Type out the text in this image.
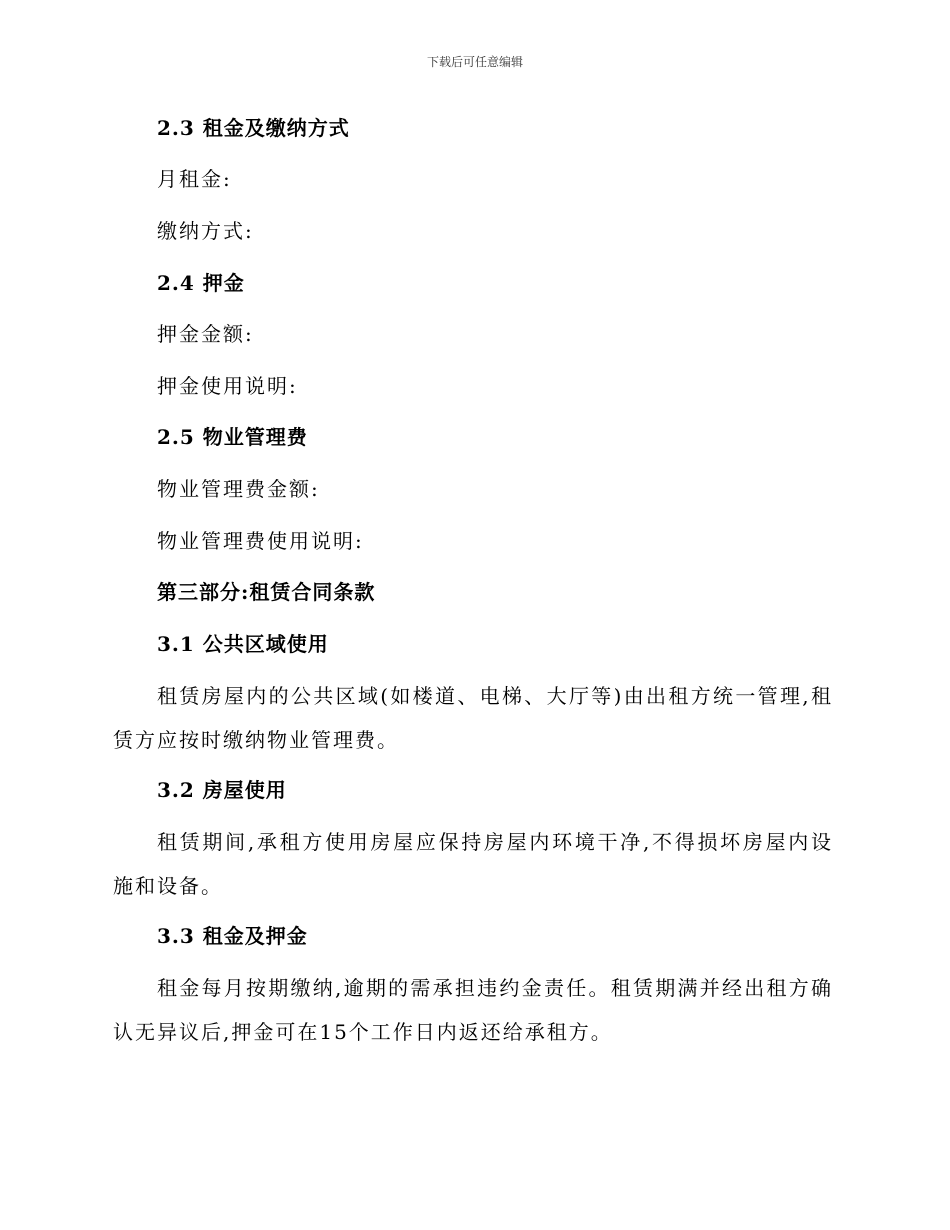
下载后可任意编辑
2.3 租金及缴纳方式
月租金:
缴纳方式:
2.4 押金
押金金额:
押金使用说明:
2.5 物业管理费
物业管理费金额:
物业管理费使用说明:
第三部分:租赁合同条款
3.1 公共区域使用
租赁房屋内的公共区域(如楼道、电梯、大厅等)由出租方统一管理,租赁方应按时缴纳物业管理费。
3.2 房屋使用
租赁期间,承租方使用房屋应保持房屋内环境干净,不得损坏房屋内设施和设备。
3.3 租金及押金
租金每月按期缴纳,逾期的需承担违约金责任。租赁期满并经出租方确认无异议后,押金可在15个工作日内返还给承租方。
